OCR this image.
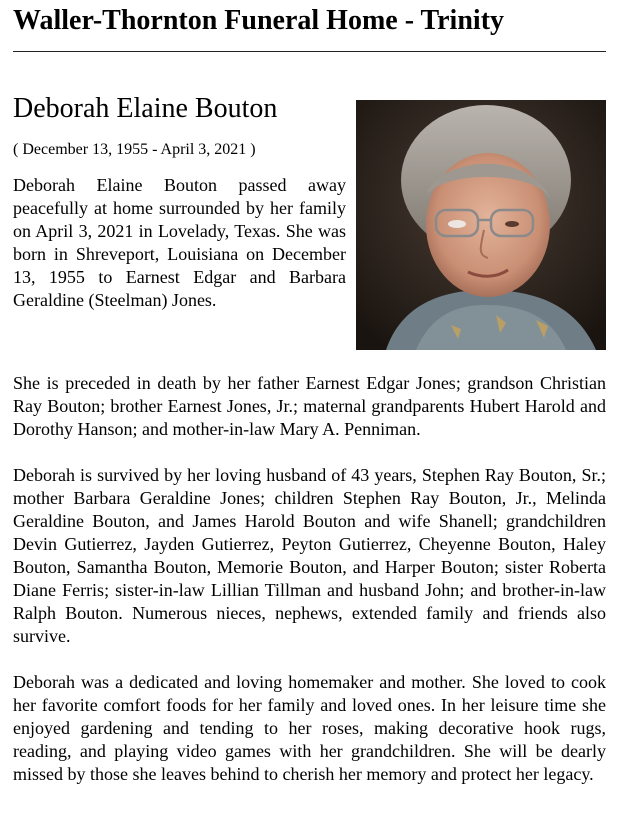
Waller-Thornton Funeral Home - Trinity
Deborah Elaine Bouton

( December 13, 1955 - April 3, 2021 )

Deborah Elaine Bouton passed away peacefully at home surrounded by her family on April 3, 2021 in Lovelady, Texas. She was born in Shreveport, Louisiana on December 13, 1955 to Earnest Edgar and Barbara Geraldine (Steelman) Jones.

She is preceded in death by her father Earnest Edgar Jones; grandson Christian Ray Bouton; brother Earnest Jones, Jr.; maternal grandparents Hubert Harold and Dorothy Hanson; and mother-in-law Mary A. Penniman.

Deborah is survived by her loving husband of 43 years, Stephen Ray Bouton, Sr.; mother Barbara Geraldine Jones; children Stephen Ray Bouton, Jr., Melinda Geraldine Bouton, and James Harold Bouton and wife Shanell; grandchildren Devin Gutierrez, Jayden Gutierrez, Peyton Gutierrez, Cheyenne Bouton, Haley Bouton, Samantha Bouton, Memorie Bouton, and Harper Bouton; sister Roberta Diane Ferris; sister-in-law Lillian Tillman and husband John; and brother-in-law Ralph Bouton. Numerous nieces, nephews, extended family and friends also survive.

Deborah was a dedicated and loving homemaker and mother. She loved to cook her favorite comfort foods for her family and loved ones. In her leisure time she enjoyed gardening and tending to her roses, making decorative hook rugs, reading, and playing video games with her grandchildren. She will be dearly missed by those she leaves behind to cherish her memory and protect her legacy.
